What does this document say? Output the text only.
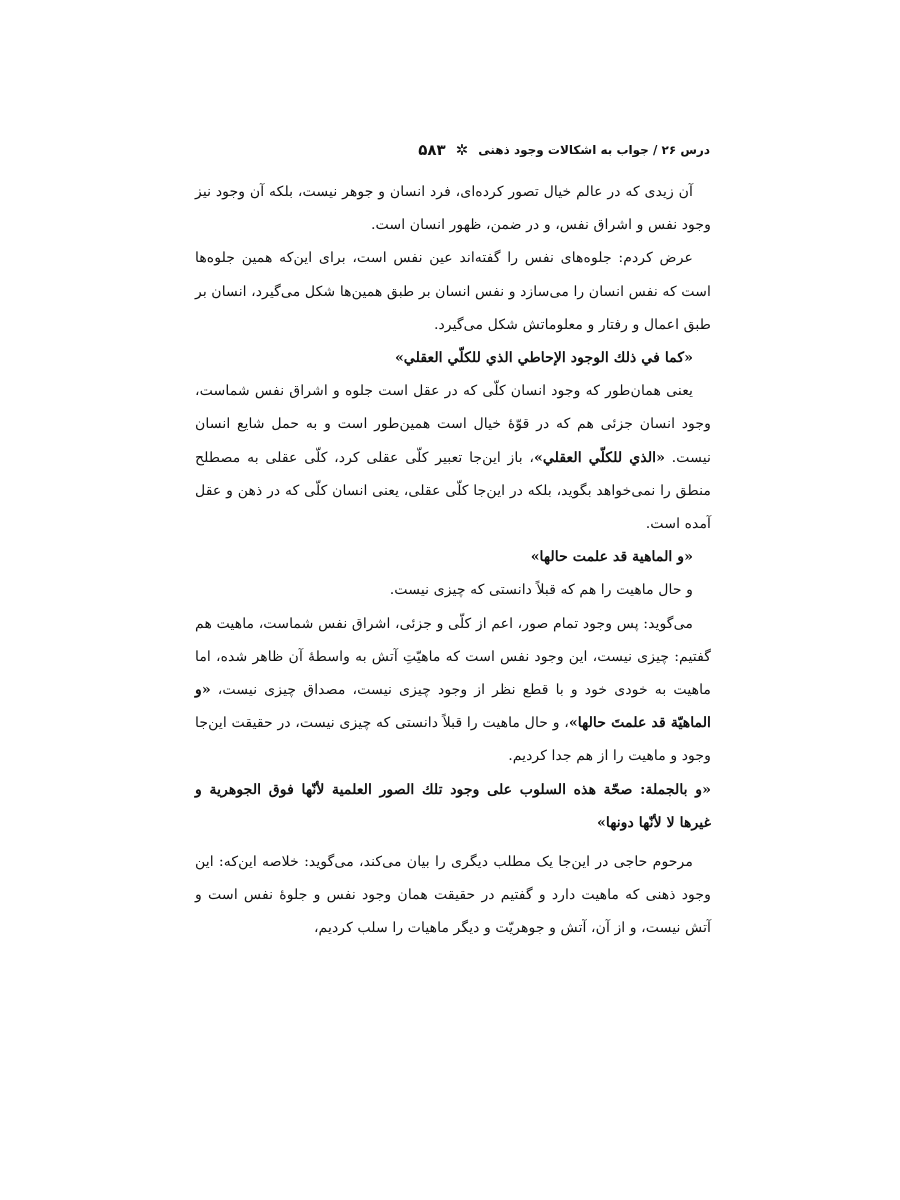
درس ۲۶ / جواب به اشکالات وجود ذهنی
✲
۵۸۳

آن زیدی که در عالم خیال تصور کرده‌ای، فرد انسان و جوهر نیست، بلکه آن وجود نیز وجود نفس و اشراق نفس، و در ضمن، ظهور انسان است.

عرض کردم: جلوه‌های نفس را گفته‌اند عین نفس است، برای این‌که همین جلوه‌ها است که نفس انسان را می‌سازد و نفس انسان بر طبق همین‌ها شکل می‌گیرد، انسان بر طبق اعمال و رفتار و معلوماتش شکل می‌گیرد.

«كما في ذلك الوجود الإحاطي الذي للكلّي العقلي»

یعنی همان‌طور که وجود انسان کلّی که در عقل است جلوه و اشراق نفس شماست، وجود انسان جزئی هم که در قوّهٔ خیال است همین‌طور است و به حمل شایع انسان نیست. «الذي للكلّي العقلي»، باز این‌جا تعبیر کلّی عقلی کرد، کلّی عقلی به مصطلح منطق را نمی‌خواهد بگوید، بلکه در این‌جا کلّی عقلی، یعنی انسان کلّی که در ذهن و عقل آمده است.

«و الماهية قد علمت حالها»

و حال ماهیت را هم که قبلاً دانستی که چیزی نیست.

می‌گوید: پس وجود تمام صور، اعم از کلّی و جزئی، اشراق نفس شماست، ماهیت هم گفتیم: چیزی نیست، این وجود نفس است که ماهیّتِ آتش به واسطهٔ آن ظاهر شده، اما ماهیت به خودی خود و با قطع نظر از وجود چیزی نیست، مصداق چیزی نیست، «و الماهيّة قد علمتَ حالها»، و حال ماهیت را قبلاً دانستی که چیزی نیست، در حقیقت این‌جا وجود و ماهیت را از هم جدا کردیم.

«و بالجملة: صحّة هذه السلوب على وجود تلك الصور العلمية لأنّها فوق الجوهرية و غيرها لا لأنّها دونها»

مرحوم حاجی در این‌جا یک مطلب دیگری را بیان می‌کند، می‌گوید: خلاصه این‌که: این وجود ذهنی که ماهیت دارد و گفتیم در حقیقت همان وجود نفس و جلوهٔ نفس است و آتش نیست، و از آن، آتش و جوهریّت و دیگر ماهیات را سلب کردیم،
